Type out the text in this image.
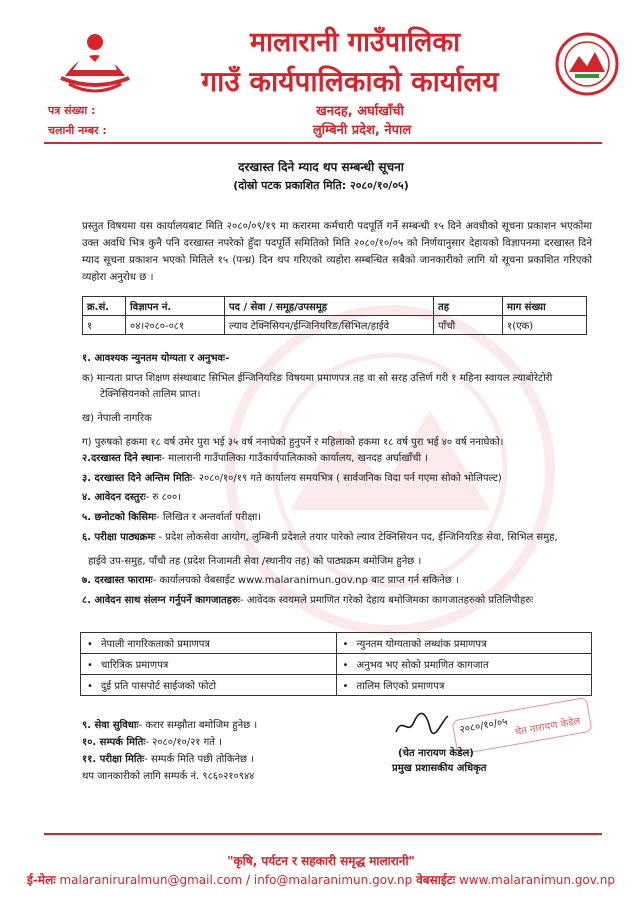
मालारानी गाउँपालिका
गाउँ कार्यपालिकाको कार्यालय
खनदह, अर्घाखाँची
लुम्बिनी प्रदेश, नेपाल
पत्र संख्या :
चलानी नम्बर :
दरखास्त दिने म्याद थप सम्बन्धी सूचना
(दोस्रो पटक प्रकाशित मिति: २०८०/१०/०५)
प्रस्तुत विषयमा यस कार्यालयबाट मिति २०८०/०९/१९ मा करारमा कर्मचारी पदपूर्ति गर्ने सम्बन्धी १५ दिने अवधीको सूचना प्रकाशन भएकोमा उक्त अवधि भित्र कुनै पनि दरखास्त नपरेको हुँदा पदपूर्ति समितिको मिति २०८०/१०/०५ को निर्णयानुसार देहायको विज्ञापनमा दरखास्त दिने म्याद सूचना प्रकाशन भएको मितिले १५ (पन्ध्र) दिन थप गरिएको व्यहोरा सम्बन्धित सबैको जानकारीको लागि यो सूचना प्रकाशित गरिएको व्यहोरा अनुरोध छ ।
क्र.सं.	विज्ञापन नं.	पद / सेवा / समूह/उपसमूह	तह	माग संख्या
१	०४।२०८०-०८१	ल्याव टेक्निसियन/ईन्जिनियरिङ/सिभिल/हाईवे	पाँचौ	१(एक)
१. आवश्यक न्युनतम योग्यता र अनुभवः-
क) मान्यता प्राप्त शिक्षण संस्थाबाट सिभिल ईन्जिनियरिङ विषयमा प्रमाणपत्र तह वा सो सरह उत्तिर्ण गरी १ महिना स्वायल ल्याबोरेटोरी
टेक्निसियनको तालिम प्राप्त।
ख) नेपाली नागरिक
ग) पुरुषको हकमा १८ वर्ष उमेर पुरा भई ३५ वर्ष ननाघेको हुनुपर्ने र महिलाको हकमा १८ वर्ष पुरा भई ४० वर्ष ननाघेको।
२.दरखास्त दिने स्थानः- मालारानी गाउँपालिका गाउँकार्यपालिकाको कार्यालय, खनदह अर्घाखाँची ।
३. दरखास्त दिने अन्तिम मितिः- २०८०/१०/१९ गते कार्यालय समयभित्र ( सार्वजनिक विदा पर्न गएमा सोको भोलिपल्ट)
४. आवेदन दस्तुरः- रु ८००।
५. छनोटको किसिमः- लिखित र अन्तर्वार्ता परीक्षा।
६. परीक्षा पाठ्यक्रमः - प्रदेश लोकसेवा आयोग, लुम्बिनी प्रदेशले तयार पारेको ल्याव टेक्निसियन पद, ईन्जिनियरिङ सेवा, सिभिल समुह,
हाईवे उप-समुह, पाँचौ तह (प्रदेश निजामती सेवा /स्थानीय तह) को पाठ्यक्रम बमोजिम हुनेछ ।
७. दरखास्त फारामः- कार्यालयको वेबसाईट www.malaranimun.gov.np बाट प्राप्त गर्न सकिनेछ ।
८. आवेदन साथ संलग्न गर्नुपर्ने कागजातहरुः- आवेदक स्वयमले प्रमाणित गरेको देहाय बमोजिमका कागजातहरुको प्रतिलिपीहरुः
• नेपाली नागरिकताको प्रमाणपत्र	• न्युनतम योग्यताको लब्धांक प्रमाणपत्र
• चारित्रिक प्रमाणपत्र	• अनुभव भए सोको प्रमाणित कागजात
• दुई प्रति पासपोर्ट साईजको फोटो	• तालिम लिएको प्रमाणपत्र
९. सेवा सुविधाः- करार सम्झौता बमोजिम हुनेछ ।
१०. सम्पर्क मितिः- २०८०/१०/२१ गते ।
११. परीक्षा मितिः- सम्पर्क मिति पछी तोकिनेछ ।
थप जानकारीको लागि सम्पर्क नं. ९८६०२१०९४४
२०८०/१०/०५ चेत नारायण केडेल
(चेत नारायण केडेल)
प्रमुख प्रशासकीय अधिकृत
"कृषि, पर्यटन र सहकारी समृद्ध मालारानी"
ई-मेलः malaraniruralmun@gmail.com / info@malaranimun.gov.np वेबसाईटः www.malaranimun.gov.np
